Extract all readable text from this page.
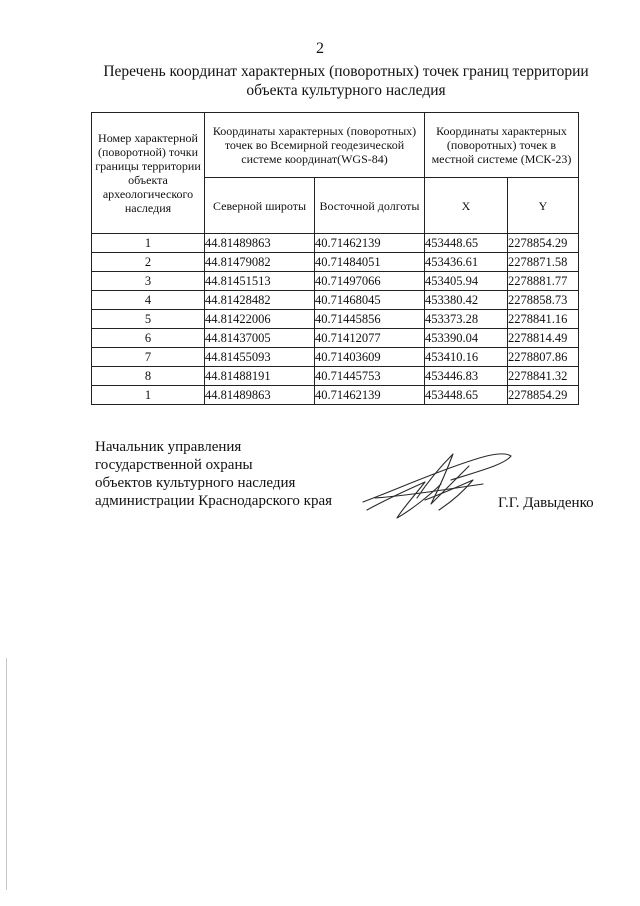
2
Перечень координат характерных (поворотных) точек границ территории
объекта культурного наследия
Номер характерной (поворотной) точки границы территории объекта археологического наследия	Координаты характерных (поворотных) точек во Всемирной геодезической системе координат(WGS-84)		Координаты характерных (поворотных) точек в местной системе (МСК-23)	
	Северной широты	Восточной долготы	X	Y
1	44.81489863	40.71462139	453448.65	2278854.29
2	44.81479082	40.71484051	453436.61	2278871.58
3	44.81451513	40.71497066	453405.94	2278881.77
4	44.81428482	40.71468045	453380.42	2278858.73
5	44.81422006	40.71445856	453373.28	2278841.16
6	44.81437005	40.71412077	453390.04	2278814.49
7	44.81455093	40.71403609	453410.16	2278807.86
8	44.81488191	40.71445753	453446.83	2278841.32
1	44.81489863	40.71462139	453448.65	2278854.29
Начальник управления
государственной охраны
объектов культурного наследия
администрации Краснодарского края	Г.Г. Давыденко
